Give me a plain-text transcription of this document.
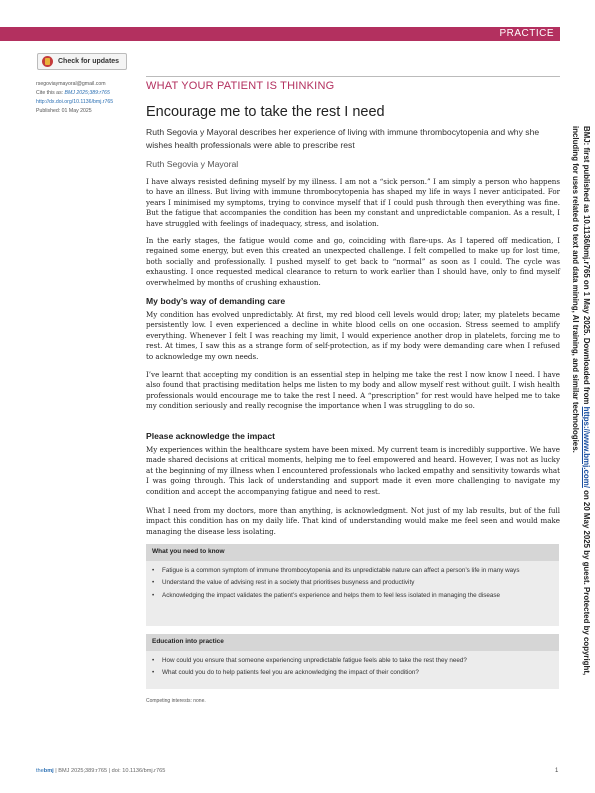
PRACTICE
Check for updates
rsegoviaymayoral@gmail.com
Cite this as: BMJ 2025;389:r765
http://dx.doi.org/10.1136/bmj.r765
Published: 01 May 2025
WHAT YOUR PATIENT IS THINKING
Encourage me to take the rest I need
Ruth Segovia y Mayoral describes her experience of living with immune thrombocytopenia and why she wishes health professionals were able to prescribe rest
Ruth Segovia y Mayoral

I have always resisted defining myself by my illness. I am not a “sick person.” I am simply a person who happens to have an illness. But living with immune thrombocytopenia has shaped my life in ways I never anticipated. For years I minimised my symptoms, trying to convince myself that if I could push through then everything was fine. But the fatigue that accompanies the condition has been my constant and unpredictable companion. As a result, I have struggled with feelings of inadequacy, stress, and isolation.

In the early stages, the fatigue would come and go, coinciding with flare-ups. As I tapered off medication, I regained some energy, but even this created an unexpected challenge. I felt compelled to make up for lost time, both socially and professionally. I pushed myself to get back to “normal” as soon as I could. The cycle was exhausting. I once requested medical clearance to return to work earlier than I should have, only to find myself overwhelmed by months of crushing exhaustion.

My body’s way of demanding care

My condition has evolved unpredictably. At first, my red blood cell levels would drop; later, my platelets became persistently low. I even experienced a decline in white blood cells on one occasion. Stress seemed to amplify everything. Whenever I felt I was reaching my limit, I would experience another drop in platelets, forcing me to rest. At times, I saw this as a strange form of self-protection, as if my body were demanding care when I refused to acknowledge my own needs.

I’ve learnt that accepting my condition is an essential step in helping me take the rest I now know I need. I have also found that practising meditation helps me listen to my body and allow myself rest without guilt. I wish health professionals would encourage me to take the rest I need. A “prescription” for rest would have helped me to take my condition seriously and really recognise the importance when I was struggling to do so.

Please acknowledge the impact

My experiences within the healthcare system have been mixed. My current team is incredibly supportive. We have made shared decisions at critical moments, helping me to feel empowered and heard. However, I was not as lucky at the beginning of my illness when I encountered professionals who lacked empathy and sensitivity towards what I was going through. This lack of understanding and support made it even more challenging to navigate my condition and accept the accompanying fatigue and need to rest.

What I need from my doctors, more than anything, is acknowledgment. Not just of my lab results, but of the full impact this condition has on my daily life. That kind of understanding would make me feel seen and would make managing the disease less isolating.

What you need to know
• Fatigue is a common symptom of immune thrombocytopenia and its unpredictable nature can affect a person’s life in many ways
• Understand the value of advising rest in a society that prioritises busyness and productivity
• Acknowledging the impact validates the patient’s experience and helps them to feel less isolated in managing the disease
Education into practice
• How could you ensure that someone experiencing unpredictable fatigue feels able to take the rest they need?
• What could you do to help patients feel you are acknowledging the impact of their condition?
Competing interests: none.
thebmj | BMJ 2025;389:r765 | doi: 10.1136/bmj.r765	1
BMJ: first published as 10.1136/bmj.r765 on 1 May 2025. Downloaded from https://www.bmj.com/ on 20 May 2025 by guest. Protected by copyright, including for uses related to text and data mining, AI training, and similar technologies.
